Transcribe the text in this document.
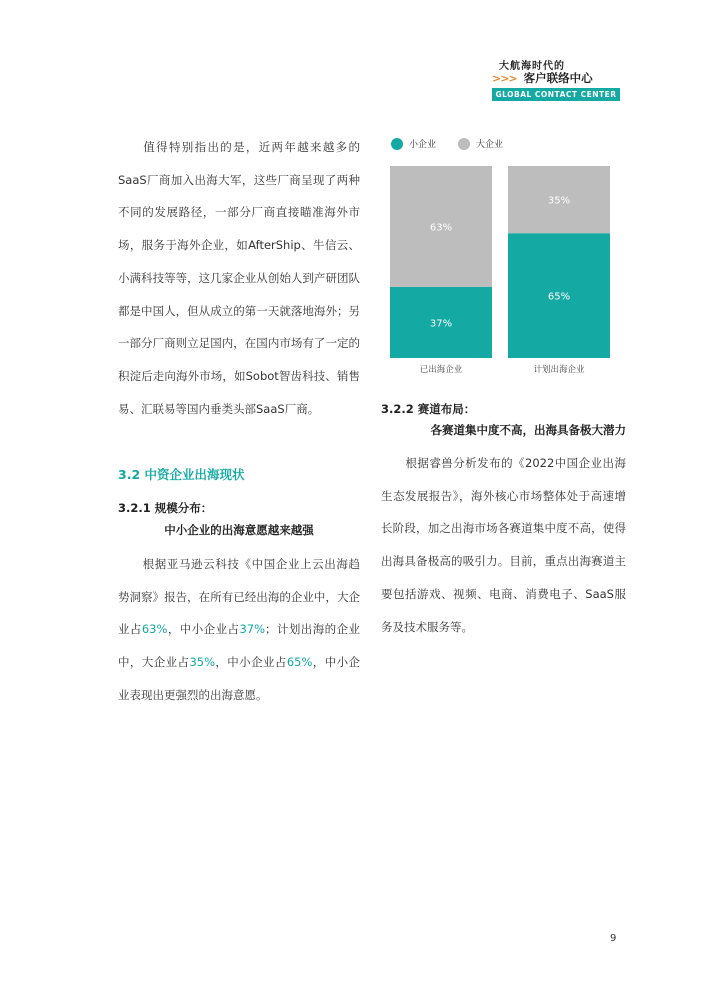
大航海时代的
>>> 客户联络中心
GLOBAL CONTACT CENTER

值得特别指出的是，近两年越来越多的SaaS厂商加入出海大军，这些厂商呈现了两种不同的发展路径，一部分厂商直接瞄准海外市场，服务于海外企业，如AfterShip、牛信云、小满科技等等，这几家企业从创始人到产研团队都是中国人，但从成立的第一天就落地海外；另一部分厂商则立足国内，在国内市场有了一定的积淀后走向海外市场，如Sobot智齿科技、销售易、汇联易等国内垂类头部SaaS厂商。

3.2 中资企业出海现状
3.2.1 规模分布：
中小企业的出海意愿越来越强

根据亚马逊云科技《中国企业上云出海趋势洞察》报告，在所有已经出海的企业中，大企业占63%，中小企业占37%；计划出海的企业中，大企业占35%，中小企业占65%，中小企业表现出更强烈的出海意愿。

小企业	大企业
37%
63%
已出海企业
65%
35%
计划出海企业
3.2.2 赛道布局：
各赛道集中度不高，出海具备极大潜力

根据睿兽分析发布的《2022中国企业出海生态发展报告》，海外核心市场整体处于高速增长阶段，加之出海市场各赛道集中度不高，使得出海具备极高的吸引力。目前，重点出海赛道主要包括游戏、视频、电商、消费电子、SaaS服务及技术服务等。

9
